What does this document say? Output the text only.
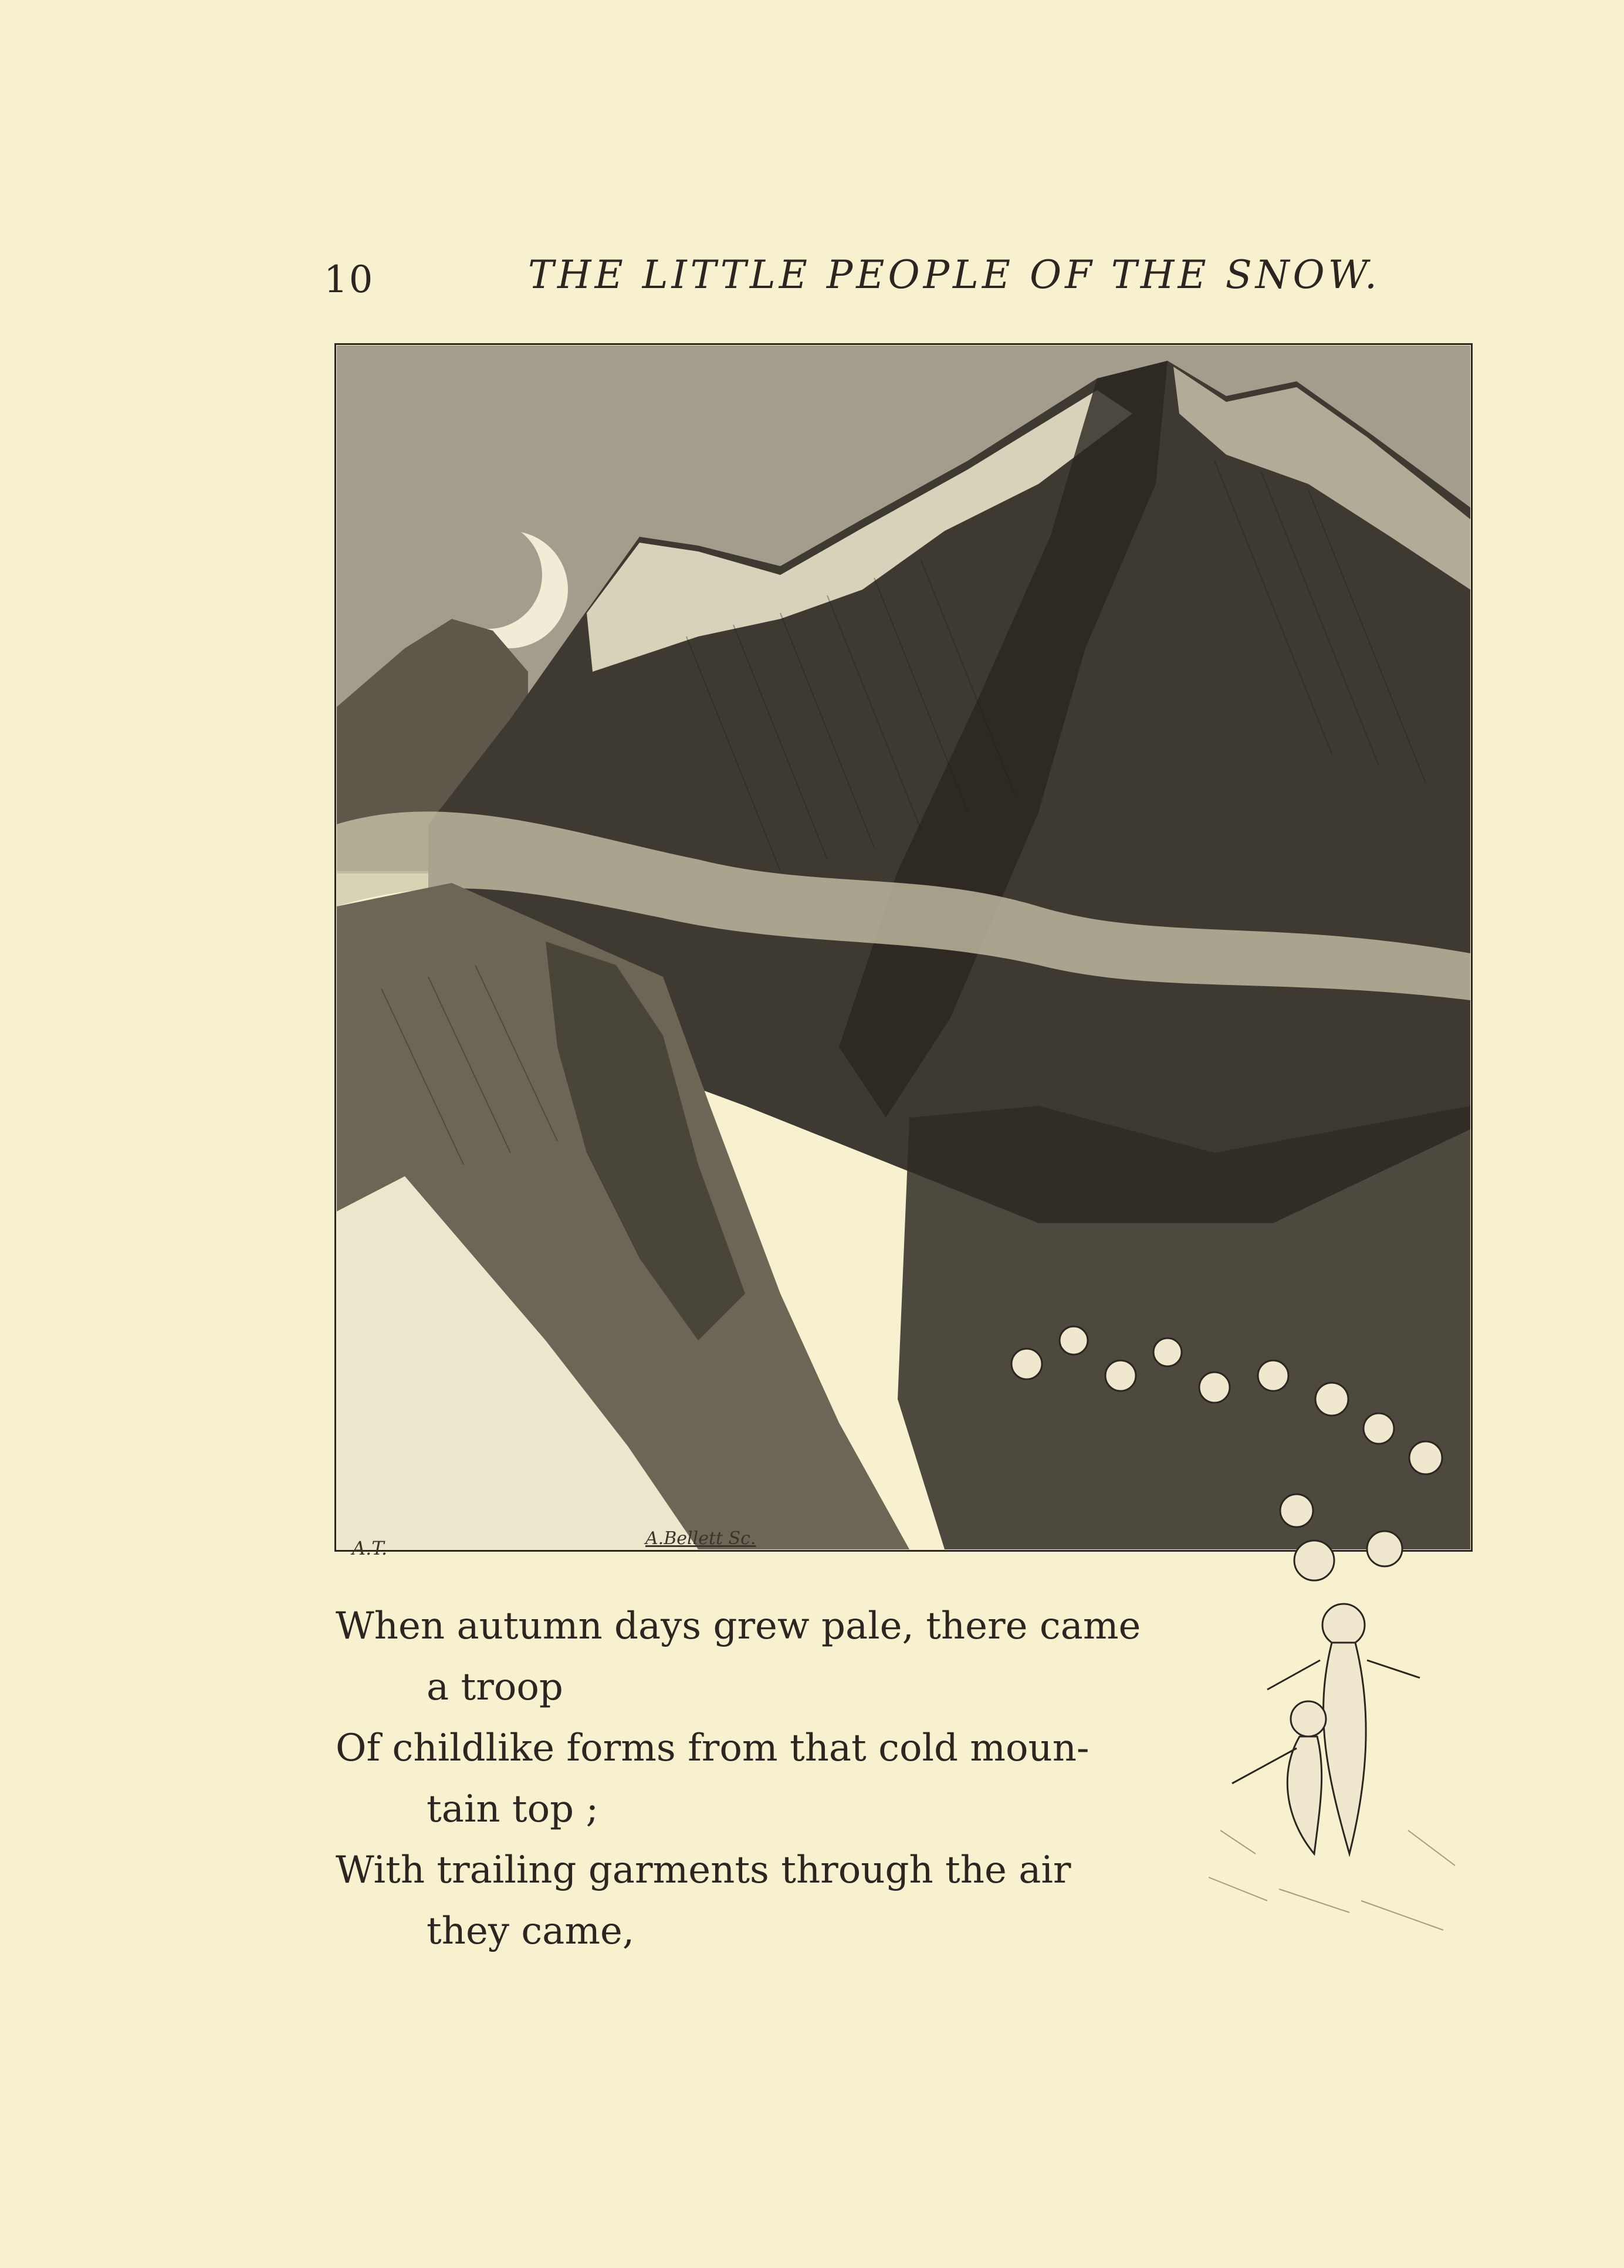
10	THE LITTLE PEOPLE OF THE SNOW.
A.T.	A.Bellett Sc.
When autumn days grew pale, there came
a troop
Of childlike forms from that cold moun-
tain top ;
With trailing garments through the air
they came,
